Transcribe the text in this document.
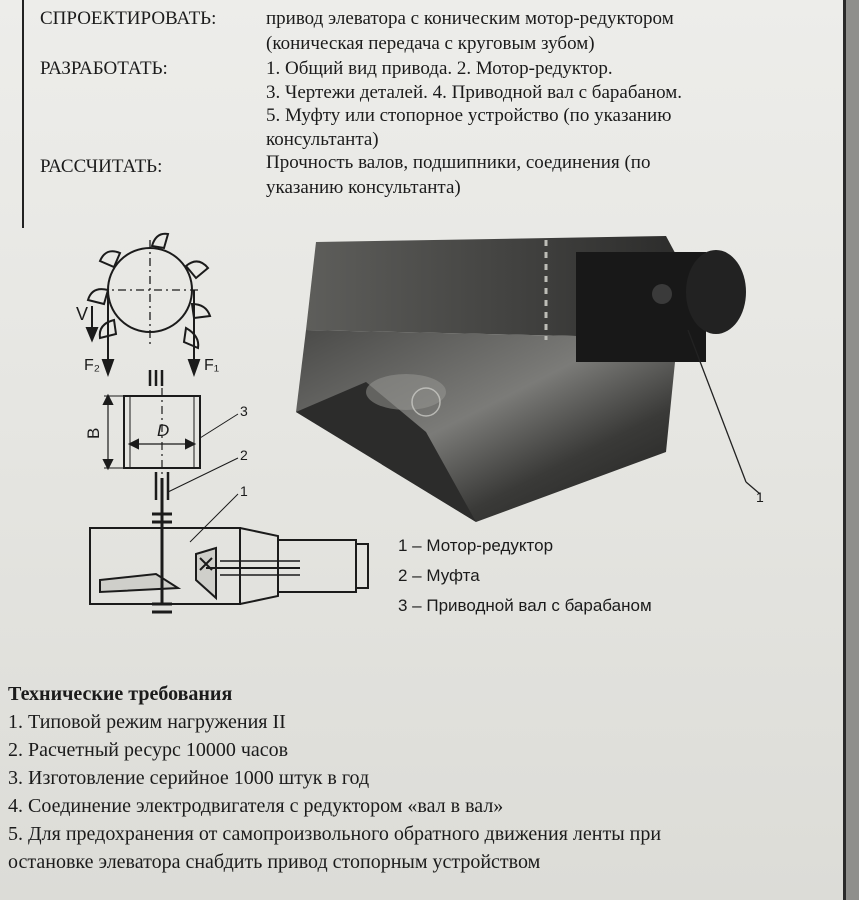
СПРОЕКТИРОВАТЬ:	привод элеватора с коническим мотор-редуктором
(коническая передача с круговым зубом)
РАЗРАБОТАТЬ:	1. Общий вид привода. 2. Мотор-редуктор.
3. Чертежи деталей. 4. Приводной вал с барабаном.
5. Муфту или стопорное устройство (по указанию
консультанта)
РАССЧИТАТЬ:	Прочность валов, подшипники, соединения (по
указанию консультанта)
V
F₂	F₁
B	D
3
2
1	1
1 – Мотор-редуктор
2 – Муфта
3 – Приводной вал с барабаном
Технические требования
1. Типовой режим нагружения II
2. Расчетный ресурс 10000 часов
3. Изготовление серийное 1000 штук в год
4. Соединение электродвигателя с редуктором «вал в вал»
5. Для предохранения от самопроизвольного обратного движения ленты при
остановке элеватора снабдить привод стопорным устройством
